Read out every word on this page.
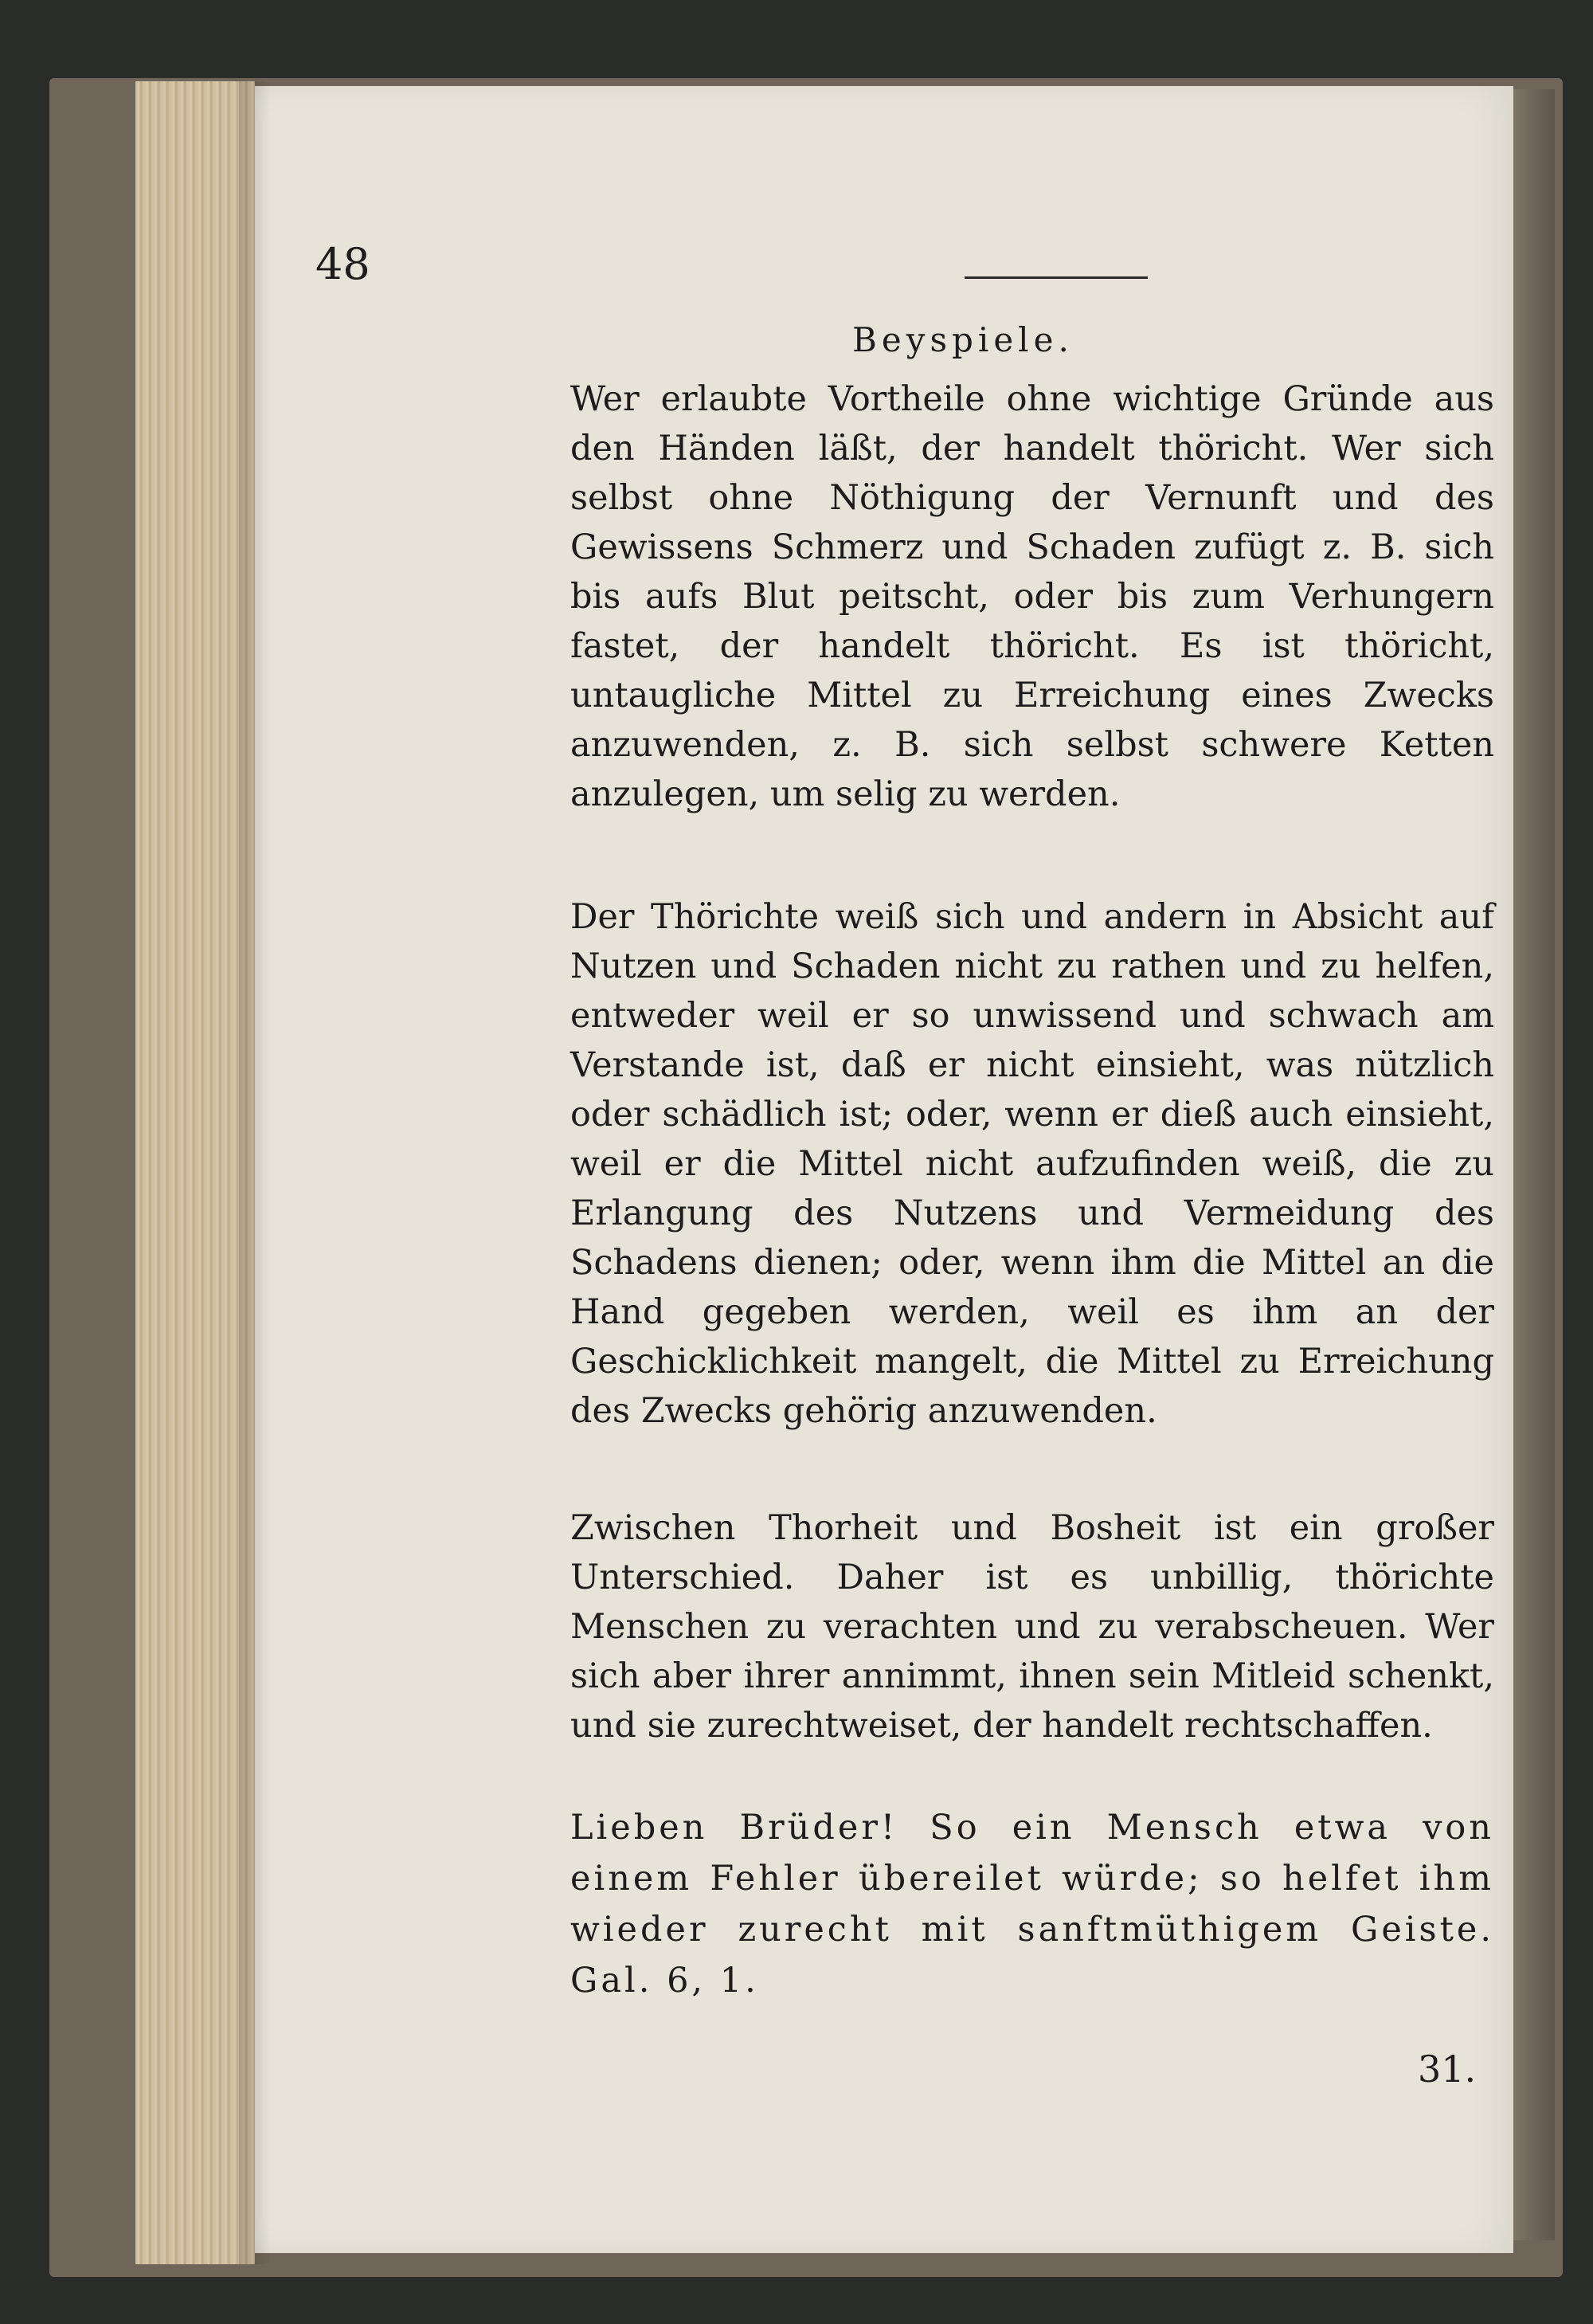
48
Beyspiele.
Wer erlaubte Vortheile ohne wichtige Gründe aus den Händen läßt, der handelt thöricht. Wer sich selbst ohne Nöthigung der Vernunft und des Gewissens Schmerz und Schaden zufügt z. B. sich bis aufs Blut peitscht, oder bis zum Verhungern fastet, der handelt thöricht. Es ist thöricht, untaugliche Mittel zu Erreichung eines Zwecks anzuwenden, z. B. sich selbst schwere Ketten anzulegen, um selig zu werden.
Der Thörichte weiß sich und andern in Absicht auf Nutzen und Schaden nicht zu rathen und zu helfen, entweder weil er so unwissend und schwach am Verstande ist, daß er nicht einsieht, was nützlich oder schädlich ist; oder, wenn er dieß auch einsieht, weil er die Mittel nicht aufzufinden weiß, die zu Erlangung des Nutzens und Vermeidung des Schadens dienen; oder, wenn ihm die Mittel an die Hand gegeben werden, weil es ihm an der Geschicklichkeit mangelt, die Mittel zu Erreichung des Zwecks gehörig anzuwenden.
Zwischen Thorheit und Bosheit ist ein großer Unterschied. Daher ist es unbillig, thörichte Menschen zu verachten und zu verabscheuen. Wer sich aber ihrer annimmt, ihnen sein Mitleid schenkt, und sie zurechtweiset, der handelt rechtschaffen.
Lieben Brüder! So ein Mensch etwa von einem Fehler übereilet würde; so helfet ihm wieder zurecht mit sanftmüthigem Geiste. Gal. 6, 1.
31.
